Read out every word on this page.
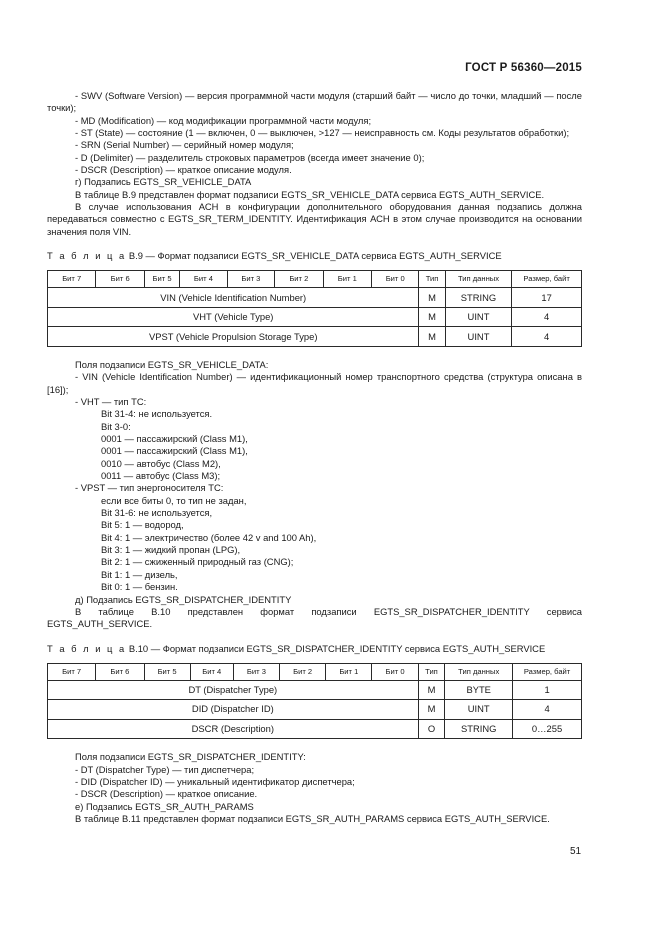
ГОСТ Р 56360—2015

- SWV (Software Version) — версия программной части модуля (старший байт — число до точки, младший — после точки);

- MD (Modification) — код модификации программной части модуля;

- ST (State) — состояние (1 — включен, 0 — выключен, >127 — неисправность см. Коды результатов обработки);

- SRN (Serial Number) — серийный номер модуля;

- D (Delimiter) — разделитель строковых параметров (всегда имеет значение 0);

- DSCR (Description) — краткое описание модуля.

г) Подзапись EGTS_SR_VEHICLE_DATA

В таблице В.9 представлен формат подзаписи EGTS_SR_VEHICLE_DATA сервиса EGTS_AUTH_SERVICE.

В случае использования АСН в конфигурации дополнительного оборудования данная подзапись должна передаваться совместно с EGTS_SR_TERM_IDENTITY. Идентификация АСН в этом случае производится на основании значения поля VIN.

Т а б л и ц а В.9 — Формат подзаписи EGTS_SR_VEHICLE_DATA сервиса EGTS_AUTH_SERVICE

Бит 7	Бит 6	Бит 5	Бит 4	Бит 3	Бит 2	Бит 1	Бит 0	Тип	Тип данных	Размер, байт
VIN (Vehicle Identification Number)								M	STRING	17
VHT (Vehicle Type)								M	UINT	4
VPST (Vehicle Propulsion Storage Type)								M	UINT	4

Поля подзаписи EGTS_SR_VEHICLE_DATA:

- VIN (Vehicle Identification Number) — идентификационный номер транспортного средства (структура описана в [16]);

- VHT — тип ТС:

Bit 31-4: не используется.

Bit 3-0:

0001 — пассажирский (Class M1),

0001 — пассажирский (Class M1),

0010 — автобус (Class M2),

0011 — автобус (Class M3);

- VPST — тип энергоносителя ТС:

если все биты 0, то тип не задан,

Bit 31-6: не используется,

Bit 5: 1 — водород,

Bit 4: 1 — электричество (более 42 v and 100 Ah),

Bit 3: 1 — жидкий пропан (LPG),

Bit 2: 1 — сжиженный природный газ (CNG);

Bit 1: 1 — дизель,

Bit 0: 1 — бензин.

д) Подзапись EGTS_SR_DISPATCHER_IDENTITY

В таблице В.10 представлен формат подзаписи EGTS_SR_DISPATCHER_IDENTITY сервиса EGTS_AUTH_SERVICE.

Т а б л и ц а В.10 — Формат подзаписи EGTS_SR_DISPATCHER_IDENTITY сервиса EGTS_AUTH_SERVICE

Бит 7	Бит 6	Бит 5	Бит 4	Бит 3	Бит 2	Бит 1	Бит 0	Тип	Тип данных	Размер, байт
DT (Dispatcher Type)								M	BYTE	1
DID (Dispatcher ID)								M	UINT	4
DSCR (Description)								O	STRING	0…255

Поля подзаписи EGTS_SR_DISPATCHER_IDENTITY:

- DT (Dispatcher Type) — тип диспетчера;

- DID (Dispatcher ID) — уникальный идентификатор диспетчера;

- DSCR (Description) — краткое описание.

е) Подзапись EGTS_SR_AUTH_PARAMS

В таблице В.11 представлен формат подзаписи EGTS_SR_AUTH_PARAMS сервиса EGTS_AUTH_SERVICE.

51
